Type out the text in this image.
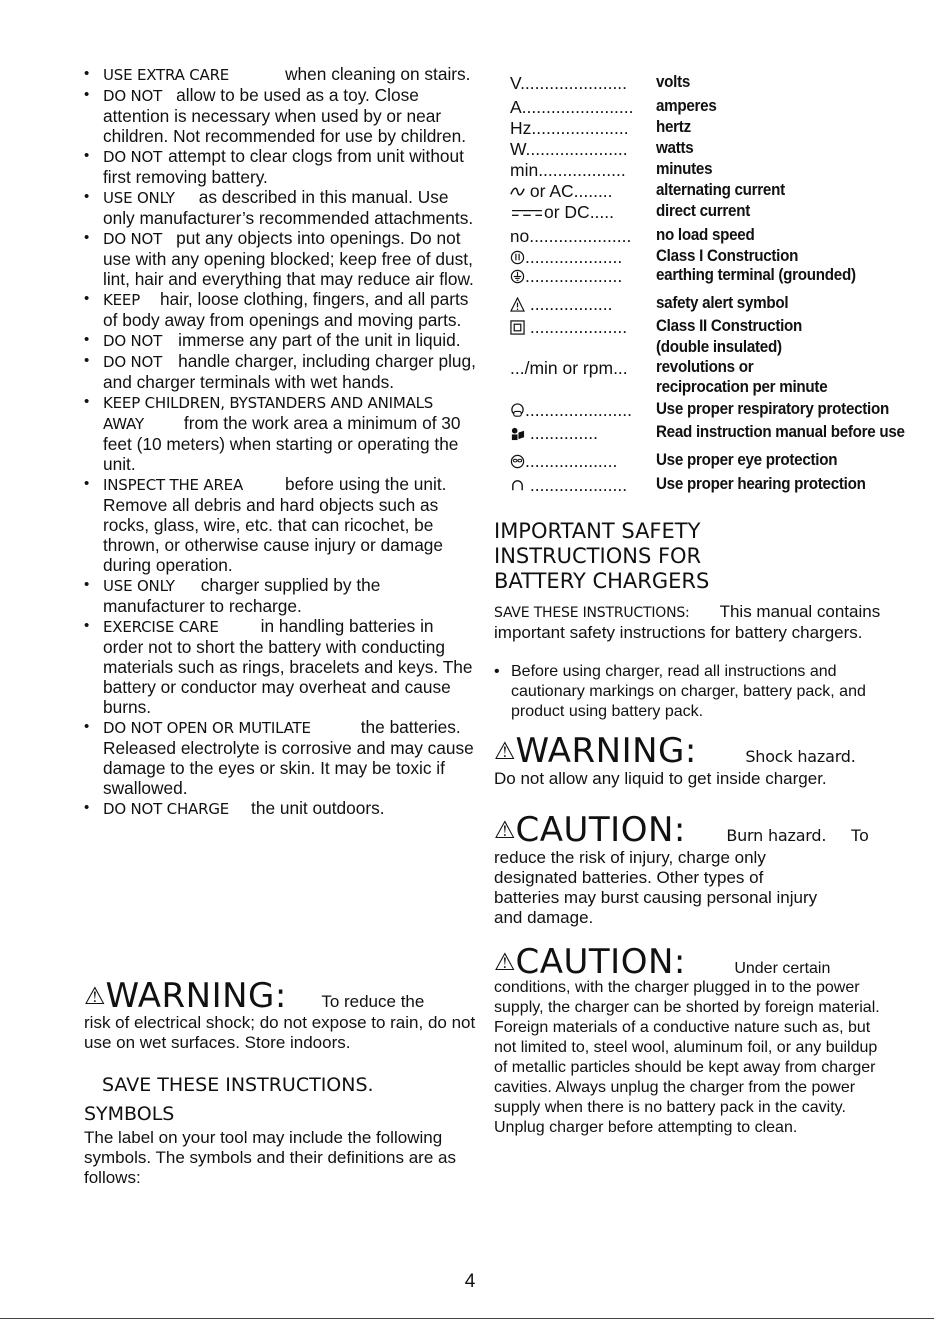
• USE EXTRA CARE	when cleaning on stairs.
• DO NOT allow to be used as a toy. Close attention is necessary when used by or near children. Not recommended for use by children.
• DO NOT attempt to clear clogs from unit without first removing battery.
• USE ONLY as described in this manual. Use only manufacturer’s recommended attachments.
• DO NOT put any objects into openings. Do not use with any opening blocked; keep free of dust, lint, hair and everything that may reduce air flow.
• KEEP hair, loose clothing, fingers, and all parts of body away from openings and moving parts.
• DO NOT immerse any part of the unit in liquid.
• DO NOT handle charger, including charger plug, and charger terminals with wet hands.
• KEEP CHILDREN, BYSTANDERS AND ANIMALS AWAY from the work area a minimum of 30 feet (10 meters) when starting or operating the unit.
• INSPECT THE AREA before using the unit. Remove all debris and hard objects such as rocks, glass, wire, etc. that can ricochet, be thrown, or otherwise cause injury or damage during operation.
• USE ONLY charger supplied by the manufacturer to recharge.
• EXERCISE CARE in handling batteries in order not to short the battery with conducting materials such as rings, bracelets and keys. The battery or conductor may overheat and cause burns.
• DO NOT OPEN OR MUTILATE	the batteries. Released electrolyte is corrosive and may cause damage to the eyes or skin. It may be toxic if swallowed.
• DO NOT CHARGE the unit outdoors.
⚠WARNING: To reduce the
risk of electrical shock; do not expose to rain, do not use on wet surfaces. Store indoors.
SAVE THESE INSTRUCTIONS.
SYMBOLS
The label on your tool may include the following symbols. The symbols and their definitions are as follows:
V...................... volts
A....................... amperes
Hz.................... hertz
W..................... watts
min.................. minutes
or AC........	alternating current
or DC.....	direct current
no..................... no load speed
.................... Class I Construction
.................... earthing terminal (grounded)
.................	safety alert symbol
.................... Class II Construction
(double insulated)
.../min or rpm... revolutions or
reciprocation per minute
...................... Use proper respiratory protection
..............	Read instruction manual before use
................... Use proper eye protection
.................... Use proper hearing protection
IMPORTANT SAFETY
INSTRUCTIONS FOR
BATTERY CHARGERS
SAVE THESE INSTRUCTIONS: This manual contains important safety instructions for battery chargers.
• Before using charger, read all instructions and cautionary markings on charger, battery pack, and product using battery pack.
⚠WARNING:	Shock hazard.
Do not allow any liquid to get inside charger.
⚠CAUTION:	Burn hazard. To
reduce the risk of injury, charge only designated batteries. Other types of batteries may burst causing personal injury and damage.
⚠CAUTION:	Under certain
conditions, with the charger plugged in to the power supply, the charger can be shorted by foreign material. Foreign materials of a conductive nature such as, but not limited to, steel wool, aluminum foil, or any buildup of metallic particles should be kept away from charger cavities. Always unplug the charger from the power supply when there is no battery pack in the cavity. Unplug charger before attempting to clean.
4
